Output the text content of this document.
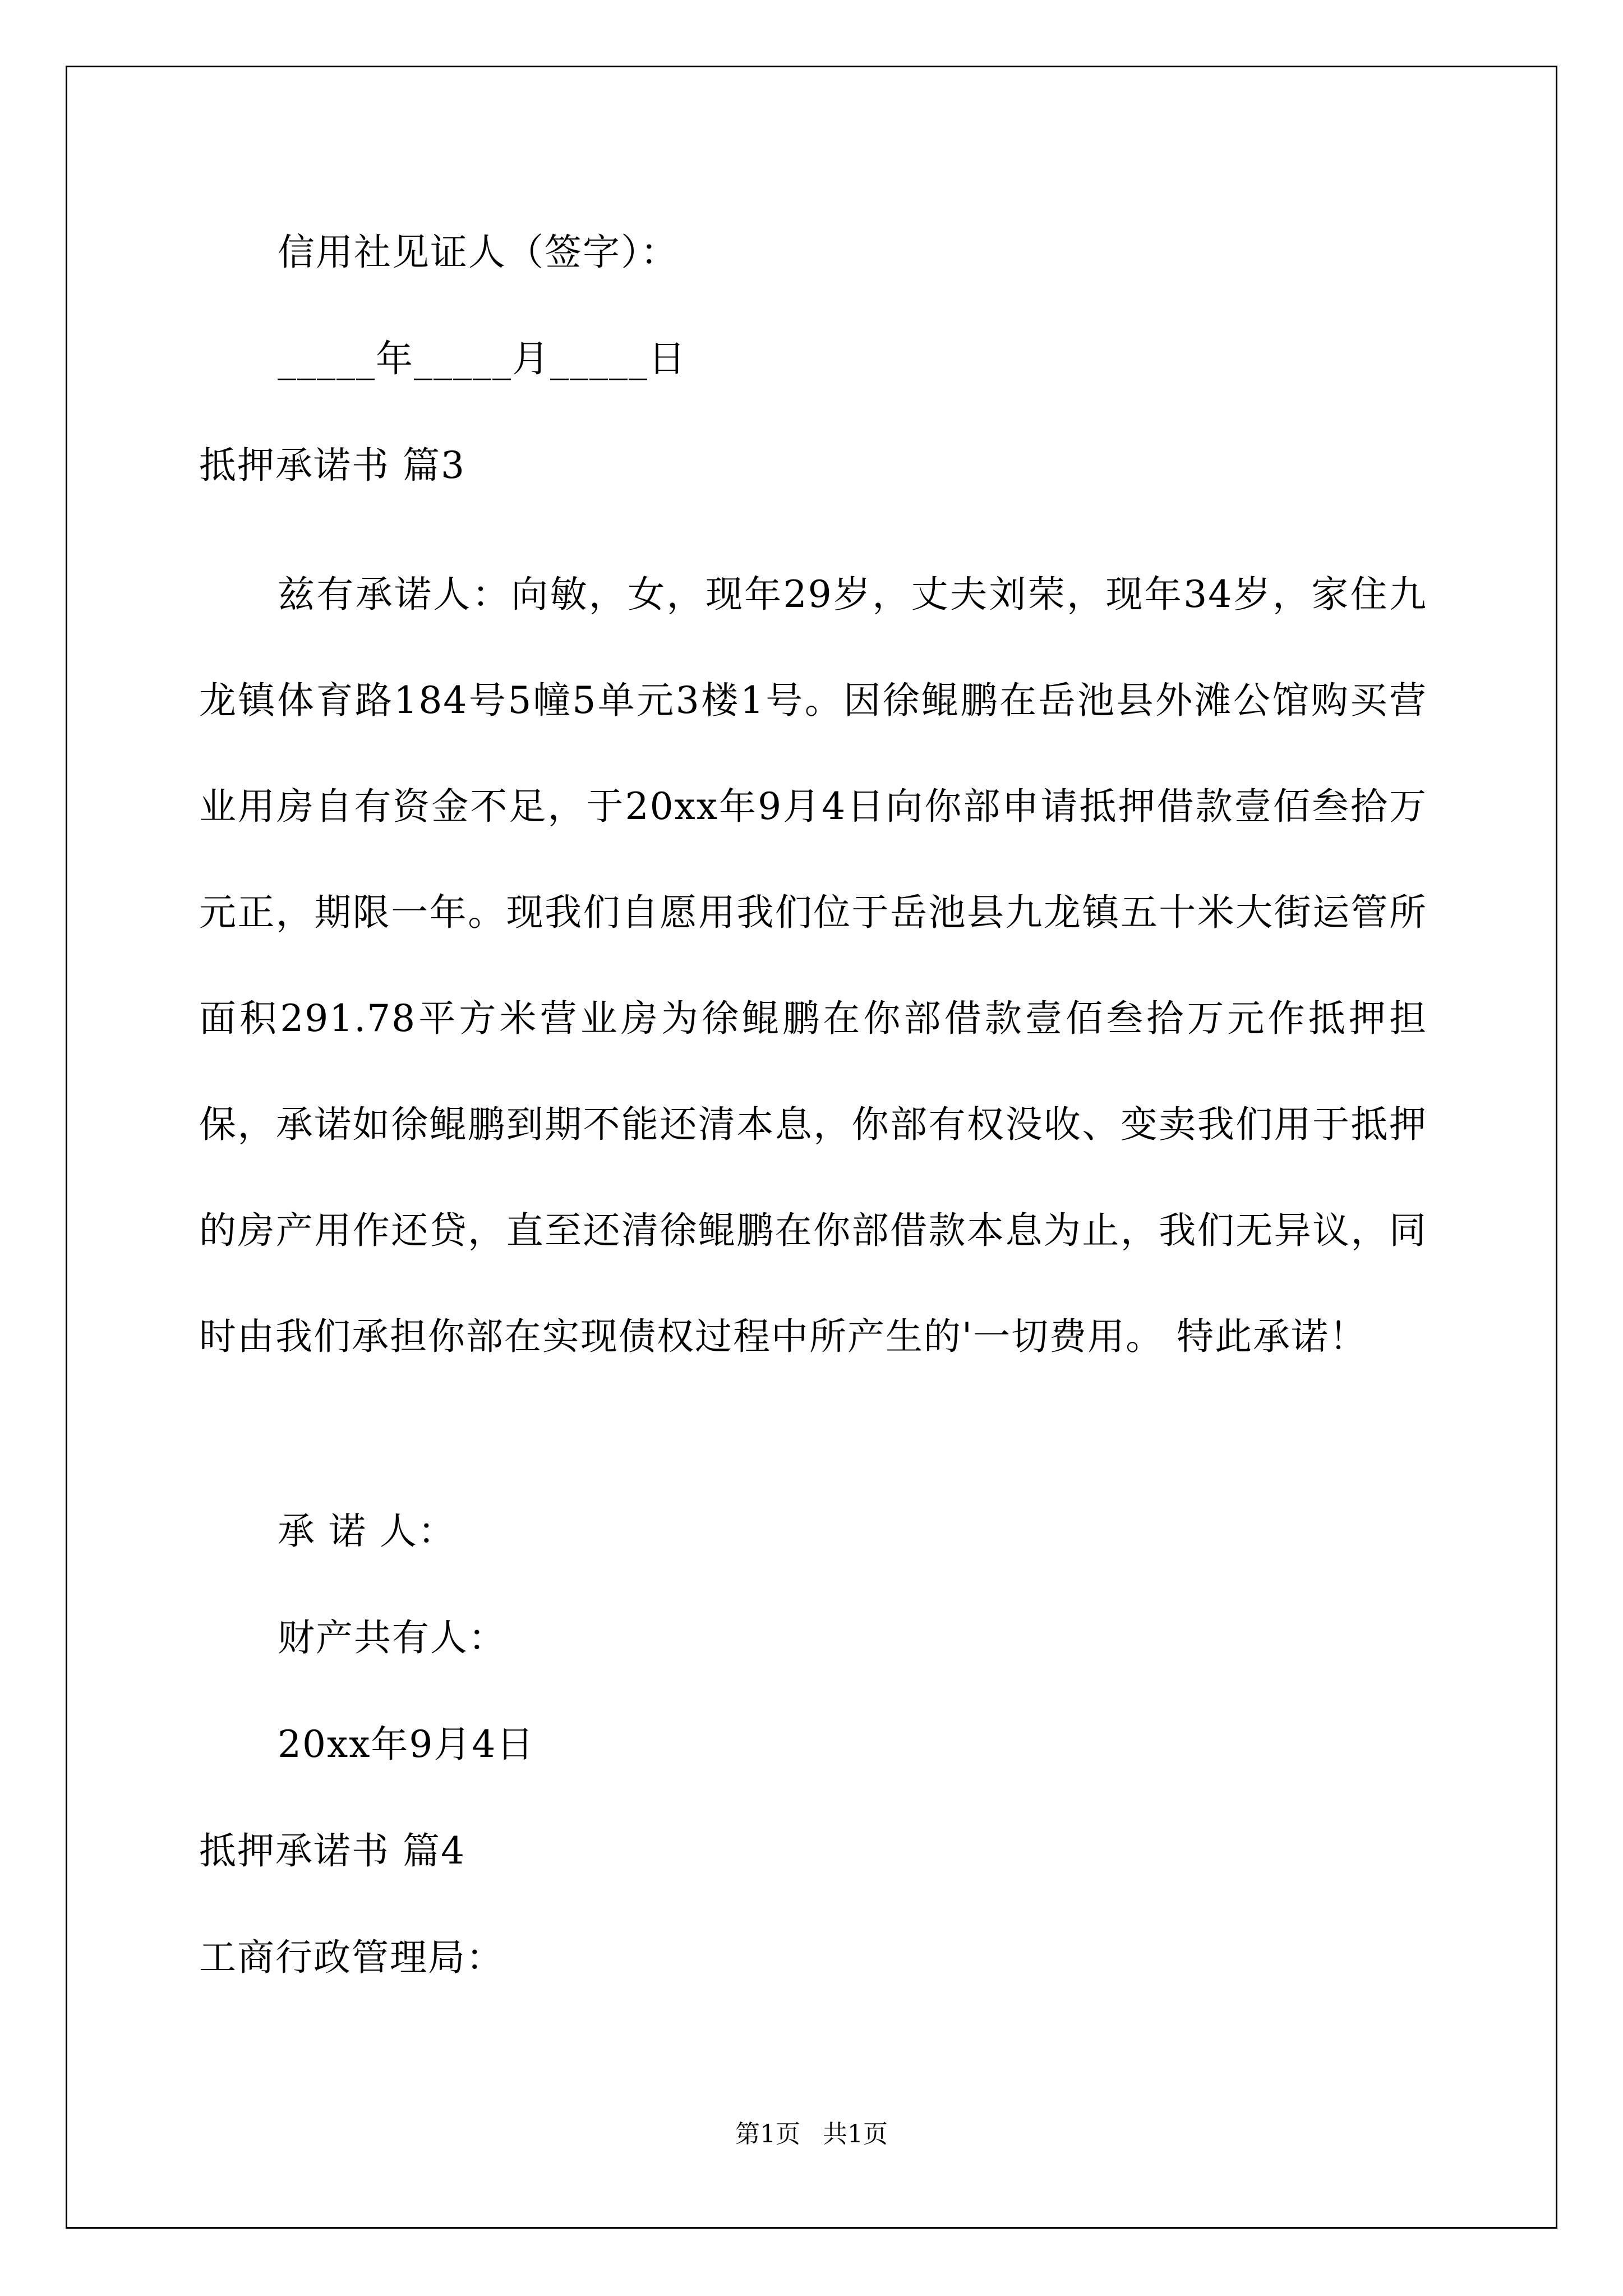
信用社见证人（签字）：
_____年_____月_____日
抵押承诺书 篇3
兹有承诺人：向敏，女，现年29岁，丈夫刘荣，现年34岁，家住九龙镇体育路184号5幢5单元3楼1号。因徐鲲鹏在岳池县外滩公馆购买营业用房自有资金不足，于20xx年9月4日向你部申请抵押借款壹佰叁拾万元正，期限一年。现我们自愿用我们位于岳池县九龙镇五十米大街运管所面积291.78平方米营业房为徐鲲鹏在你部借款壹佰叁拾万元作抵押担保，承诺如徐鲲鹏到期不能还清本息，你部有权没收、变卖我们用于抵押的房产用作还贷，直至还清徐鲲鹏在你部借款本息为止，我们无异议，同时由我们承担你部在实现债权过程中所产生的'一切费用。 特此承诺！
承 诺 人：
财产共有人：
20xx年9月4日
抵押承诺书 篇4
工商行政管理局：
第1页 共1页
